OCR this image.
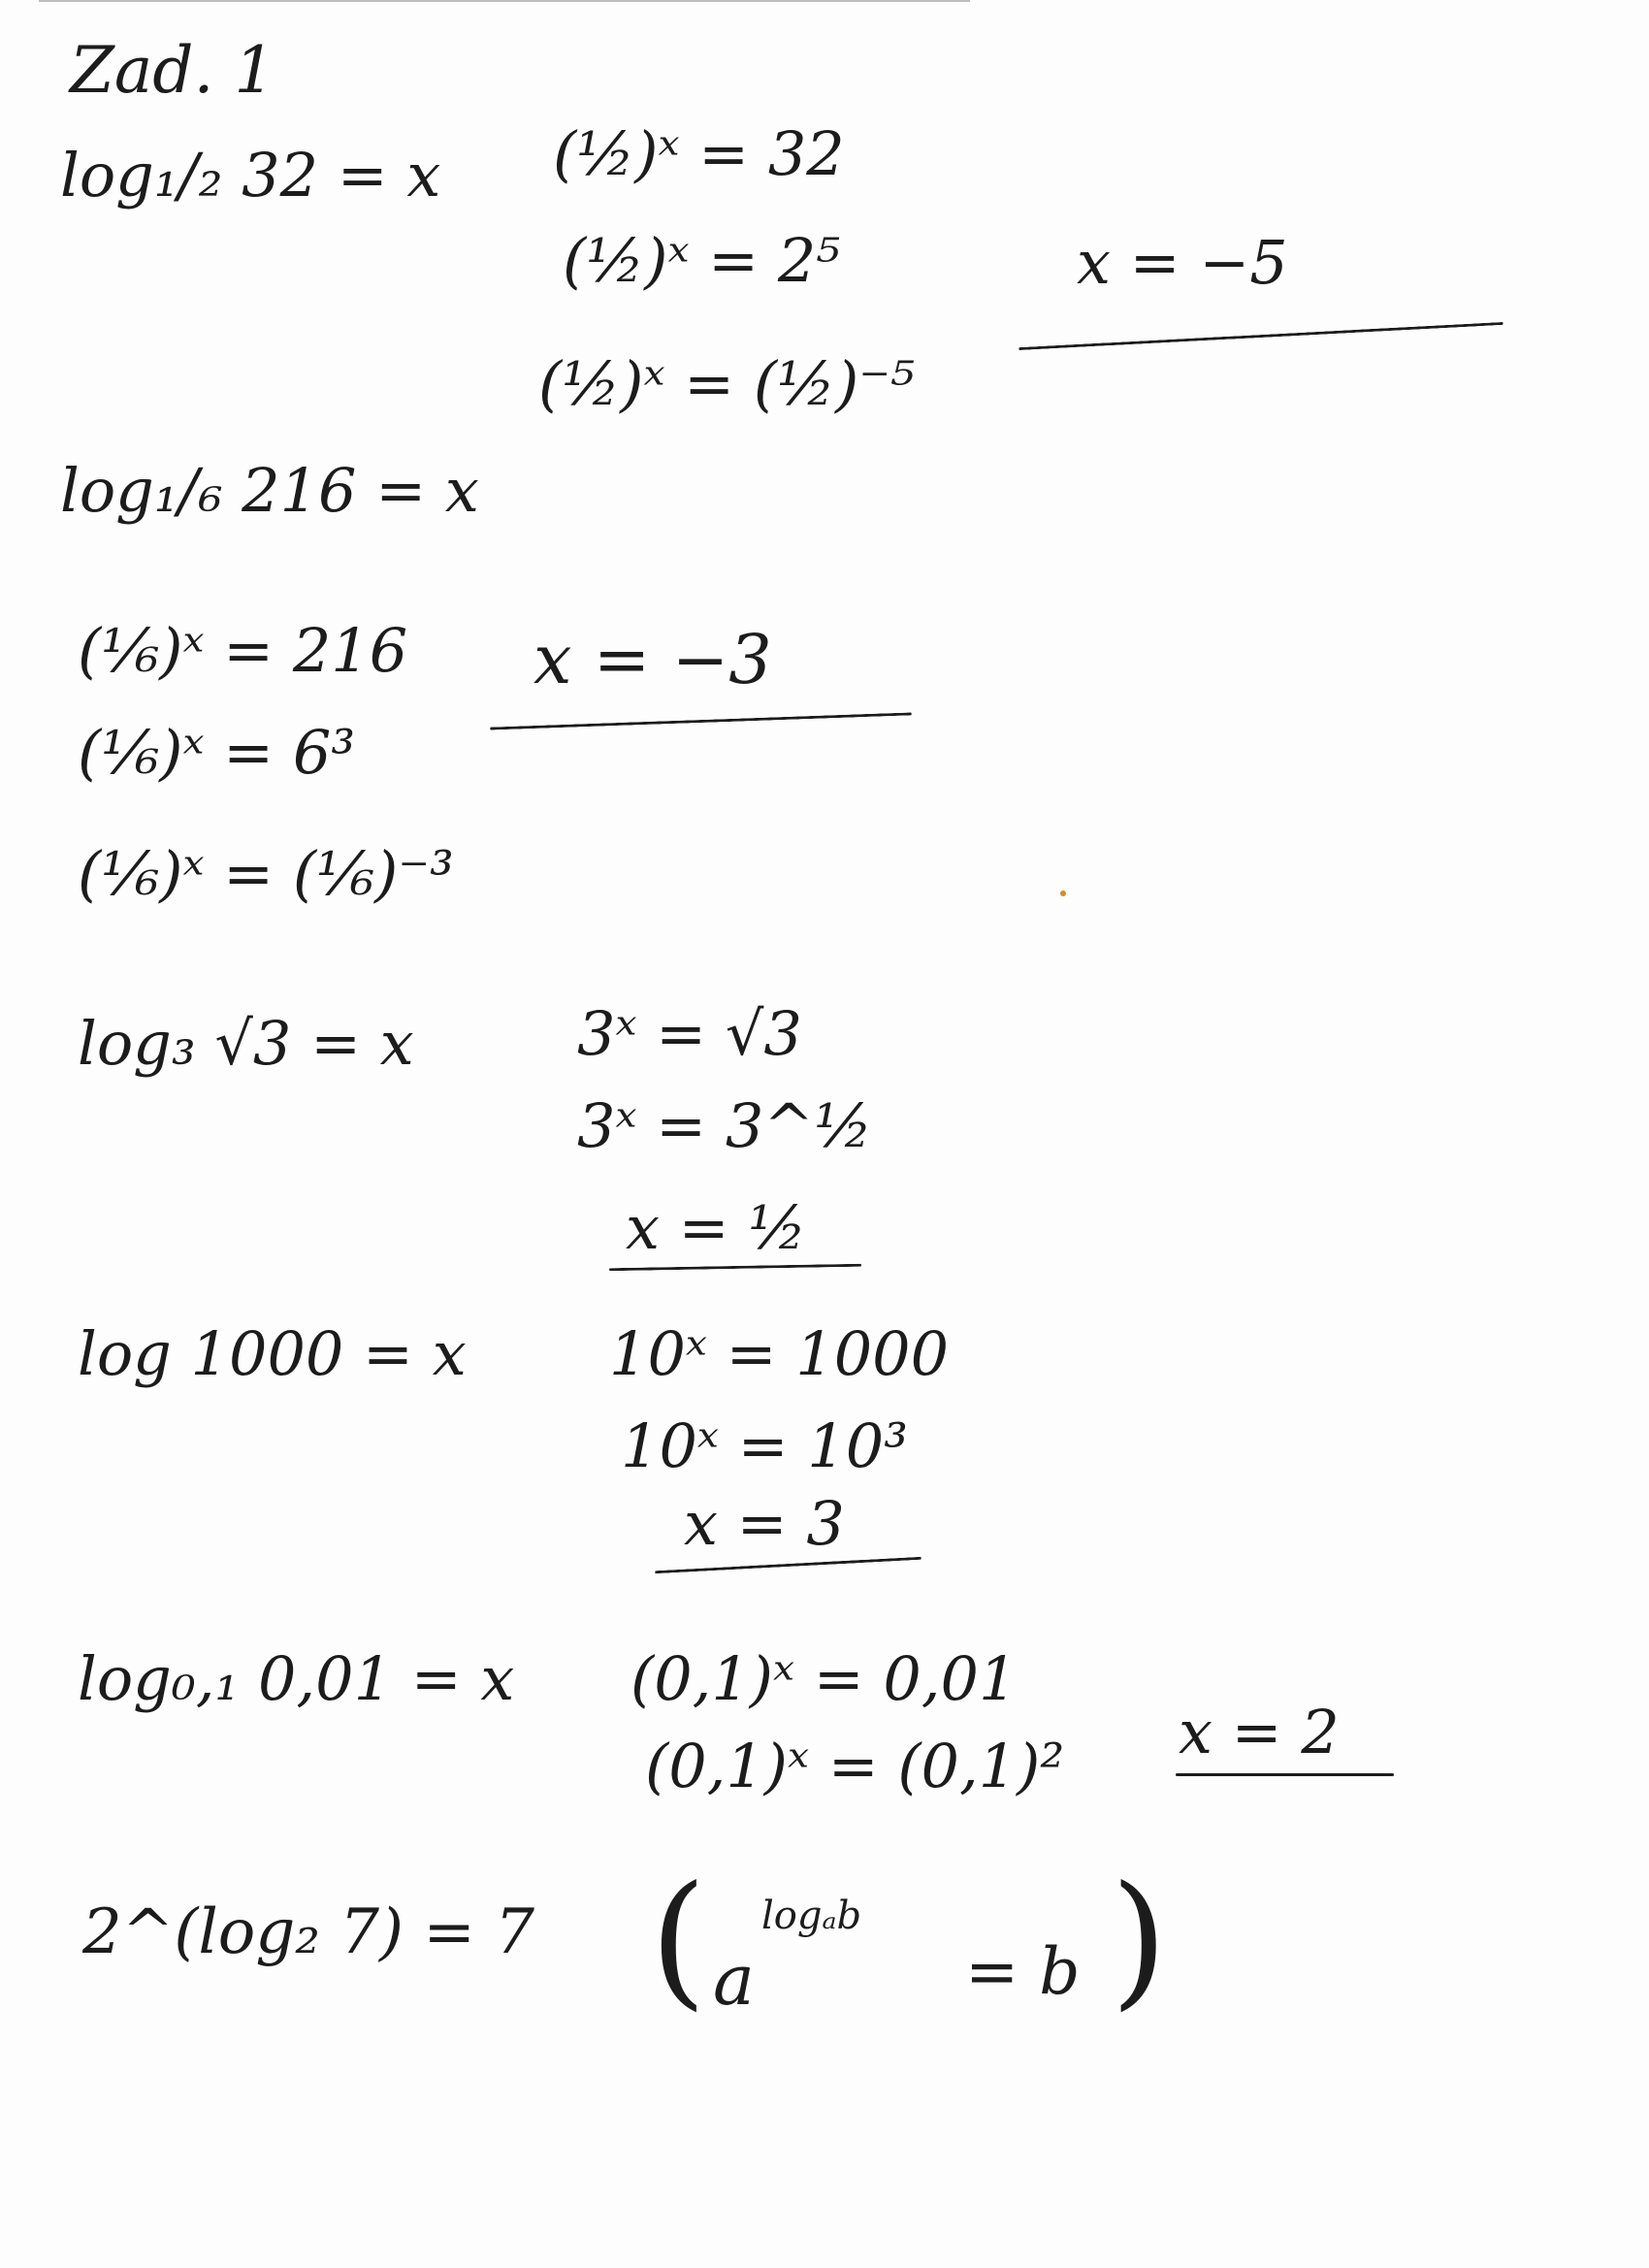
Zad. 1
log₁/₂ 32 = x (½)ˣ = 32
(½)ˣ = 2⁵
(½)ˣ = (½)⁻⁵
x = −5
log₁/₆ 216 = x
(⅙)ˣ = 216
(⅙)ˣ = 6³
(⅙)ˣ = (⅙)⁻³
x = −3
log₃ √3 = x	3ˣ = √3
3ˣ = 3^½
x = ½
log 1000 = x 10ˣ = 1000
10ˣ = 10³
x = 3
log₀,₁ 0,01 = x (0,1)ˣ = 0,01
(0,1)ˣ = (0,1)² x = 2
2^(log₂ 7) = 7 ( a
logₐb
= b )
